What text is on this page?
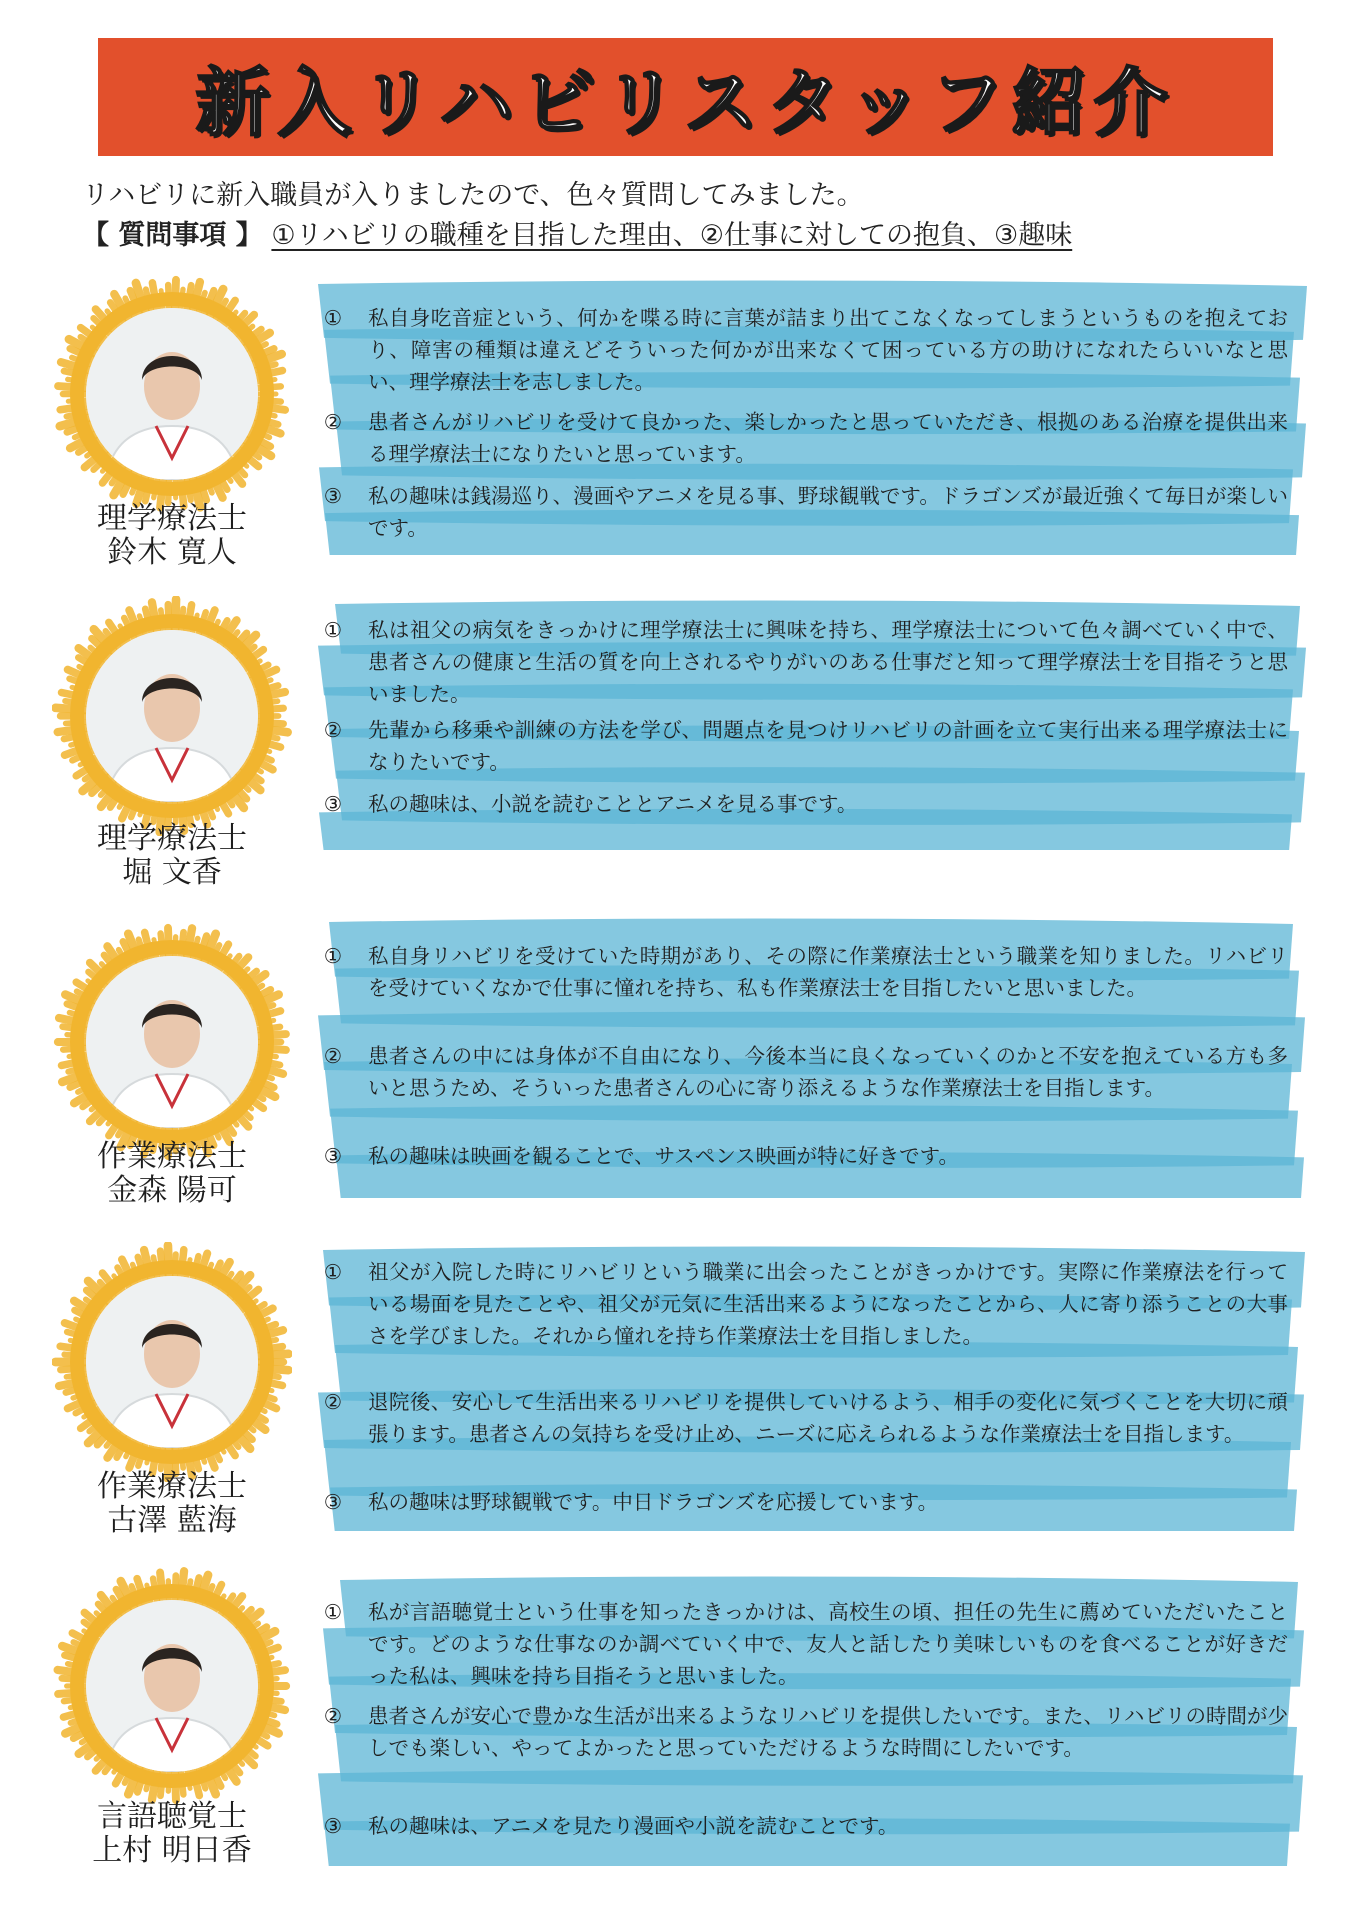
新入リハビリスタッフ紹介
リハビリに新入職員が入りましたので、色々質問してみました。
【 質問事項 】 ①リハビリの職種を目指した理由、②仕事に対しての抱負、③趣味
理学療法士
鈴木 寛人
① 私自身吃音症という、何かを喋る時に言葉が詰まり出てこなくなってしまうというものを抱えており、障害の種類は違えどそういった何かが出来なくて困っている方の助けになれたらいいなと思い、理学療法士を志しました。
② 患者さんがリハビリを受けて良かった、楽しかったと思っていただき、根拠のある治療を提供出来る理学療法士になりたいと思っています。
③ 私の趣味は銭湯巡り、漫画やアニメを見る事、野球観戦です。ドラゴンズが最近強くて毎日が楽しいです。
理学療法士
堀 文香
① 私は祖父の病気をきっかけに理学療法士に興味を持ち、理学療法士について色々調べていく中で、患者さんの健康と生活の質を向上されるやりがいのある仕事だと知って理学療法士を目指そうと思いました。
② 先輩から移乗や訓練の方法を学び、問題点を見つけリハビリの計画を立て実行出来る理学療法士になりたいです。
③ 私の趣味は、小説を読むこととアニメを見る事です。
作業療法士
金森 陽可
① 私自身リハビリを受けていた時期があり、その際に作業療法士という職業を知りました。リハビリを受けていくなかで仕事に憧れを持ち、私も作業療法士を目指したいと思いました。
② 患者さんの中には身体が不自由になり、今後本当に良くなっていくのかと不安を抱えている方も多いと思うため、そういった患者さんの心に寄り添えるような作業療法士を目指します。
③ 私の趣味は映画を観ることで、サスペンス映画が特に好きです。
作業療法士
古澤 藍海
① 祖父が入院した時にリハビリという職業に出会ったことがきっかけです。実際に作業療法を行っている場面を見たことや、祖父が元気に生活出来るようになったことから、人に寄り添うことの大事さを学びました。それから憧れを持ち作業療法士を目指しました。
② 退院後、安心して生活出来るリハビリを提供していけるよう、相手の変化に気づくことを大切に頑張ります。患者さんの気持ちを受け止め、ニーズに応えられるような作業療法士を目指します。
③ 私の趣味は野球観戦です。中日ドラゴンズを応援しています。
言語聴覚士
上村 明日香
① 私が言語聴覚士という仕事を知ったきっかけは、高校生の頃、担任の先生に薦めていただいたことです。どのような仕事なのか調べていく中で、友人と話したり美味しいものを食べることが好きだった私は、興味を持ち目指そうと思いました。
② 患者さんが安心で豊かな生活が出来るようなリハビリを提供したいです。また、リハビリの時間が少しでも楽しい、やってよかったと思っていただけるような時間にしたいです。
③ 私の趣味は、アニメを見たり漫画や小説を読むことです。
